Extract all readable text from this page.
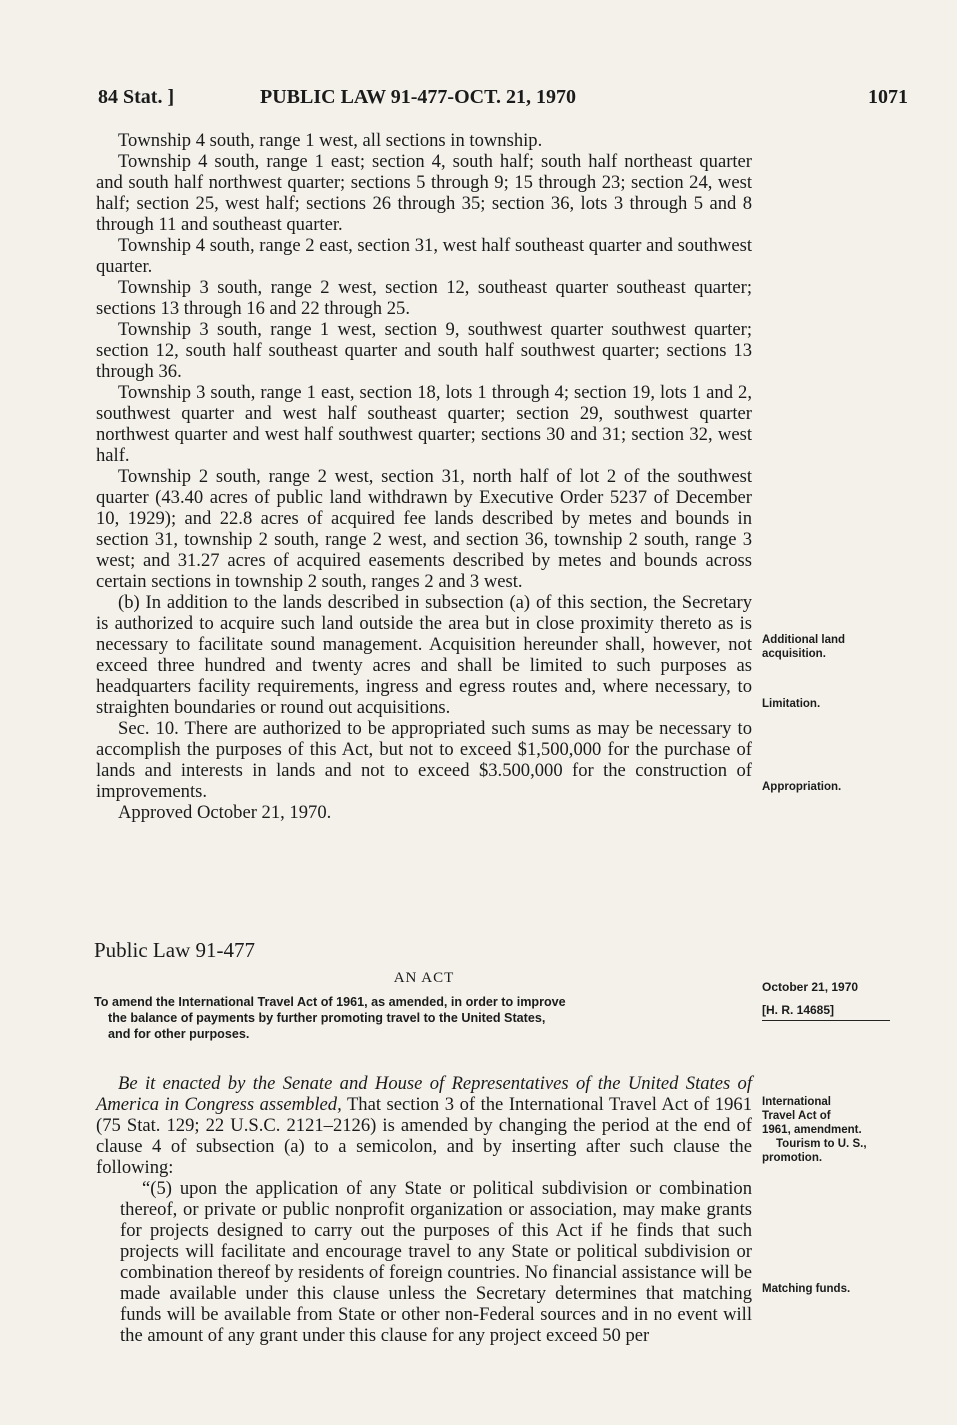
84 Stat. ]	PUBLIC LAW 91-477-OCT. 21, 1970	1071

Township 4 south, range 1 west, all sections in township.

Township 4 south, range 1 east; section 4, south half; south half northeast quarter and south half northwest quarter; sections 5 through 9; 15 through 23; section 24, west half; section 25, west half; sections 26 through 35; section 36, lots 3 through 5 and 8 through 11 and southeast quarter.

Township 4 south, range 2 east, section 31, west half southeast quarter and southwest quarter.

Township 3 south, range 2 west, section 12, southeast quarter southeast quarter; sections 13 through 16 and 22 through 25.

Township 3 south, range 1 west, section 9, southwest quarter southwest quarter; section 12, south half southeast quarter and south half southwest quarter; sections 13 through 36.

Township 3 south, range 1 east, section 18, lots 1 through 4; section 19, lots 1 and 2, southwest quarter and west half southeast quarter; section 29, southwest quarter northwest quarter and west half southwest quarter; sections 30 and 31; section 32, west half.

Township 2 south, range 2 west, section 31, north half of lot 2 of the southwest quarter (43.40 acres of public land withdrawn by Executive Order 5237 of December 10, 1929); and 22.8 acres of acquired fee lands described by metes and bounds in section 31, township 2 south, range 2 west, and section 36, township 2 south, range 3 west; and 31.27 acres of acquired easements described by metes and bounds across certain sections in township 2 south, ranges 2 and 3 west.

(b) In addition to the lands described in subsection (a) of this section, the Secretary is authorized to acquire such land outside the area but in close proximity thereto as is necessary to facilitate sound management. Acquisition hereunder shall, however, not exceed three hundred and twenty acres and shall be limited to such purposes as headquarters facility requirements, ingress and egress routes and, where necessary, to straighten boundaries or round out acquisitions.

Sec. 10. There are authorized to be appropriated such sums as may be necessary to accomplish the purposes of this Act, but not to exceed $1,500,000 for the purchase of lands and interests in lands and not to exceed $3.500,000 for the construction of improvements.

Approved October 21, 1970.

Additional land acquisition.
Limitation.
Appropriation.
Public Law 91-477
AN ACT
To amend the International Travel Act of 1961, as amended, in order to improve
the balance of payments by further promoting travel to the United States,
and for other purposes.
October 21, 1970
[H. R. 14685]

Be it enacted by the Senate and House of Representatives of the United States of America in Congress assembled, That section 3 of the International Travel Act of 1961 (75 Stat. 129; 22 U.S.C. 2121–2126) is amended by changing the period at the end of clause 4 of subsection (a) to a semicolon, and by inserting after such clause the following:

“(5) upon the application of any State or political subdivision or combination thereof, or private or public nonprofit organization or association, may make grants for projects designed to carry out the purposes of this Act if he finds that such projects will facilitate and encourage travel to any State or political subdivision or combination thereof by residents of foreign countries. No financial assistance will be made available under this clause unless the Secretary determines that matching funds will be available from State or other non-Federal sources and in no event will the amount of any grant under this clause for any project exceed 50 per

International
Travel Act of
1961, amendment.
Tourism to U. S.,
promotion.
Matching funds.
